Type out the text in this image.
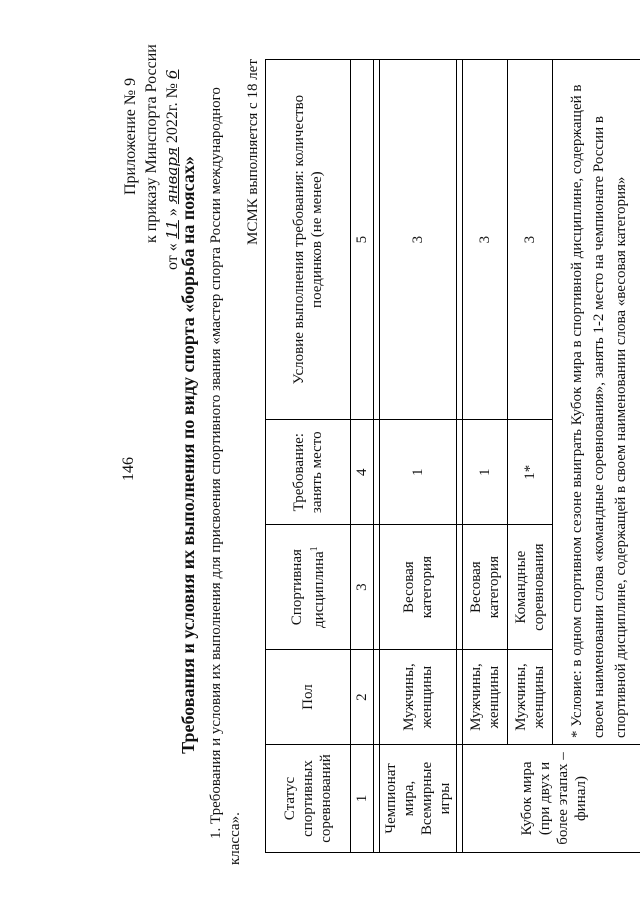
146
Приложение № 9 к приказу Минспорта России
от « 11 » января 2022г. № 6
Требования и условия их выполнения по виду спорта «борьба на поясах» 1. Требования и условия их выполнения для присвоения спортивного звания «мастер спорта России международного класса».
МСМК выполняется с 18 лет
Статус спортивных соревнований	Пол	Спортивная дисциплина$^1$	Требование: занять место	Условие выполнения требования: количество поединков (не менее)
1	2	3	4	5

Чемпионат мира, Всемирные игры	Мужчины, женщины	Весовая категория	1	3

Кубок мира (при двух и более этапах – финал)	Мужчины, женщины	Весовая категория	1	3
	Мужчины, женщины	Командные соревнования	1*	3
	* Условие: в одном спортивном сезоне выиграть Кубок мира в спортивной дисциплине, содержащей в своем наименовании слова «командные соревнования», занять 1-2 место на чемпионате России в спортивной дисциплине, содержащей в своем наименовании слова «весовая категория»			
